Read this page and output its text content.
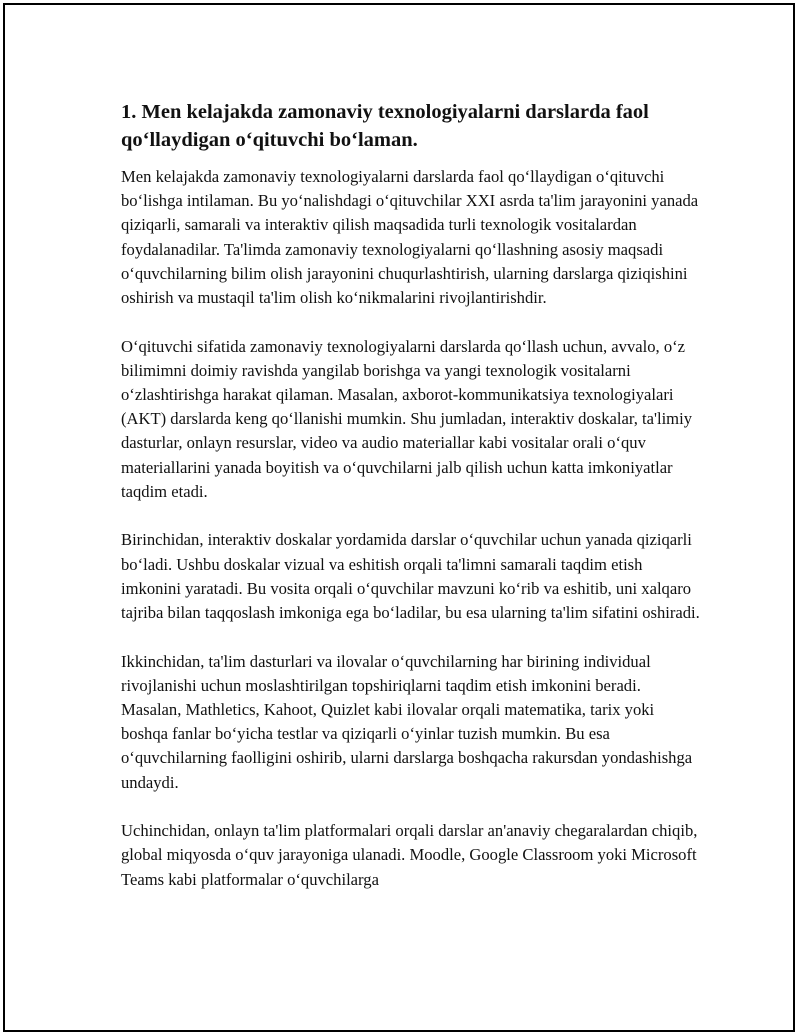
1. Men kelajakda zamonaviy texnologiyalarni darslarda faol qo‘llaydigan o‘qituvchi bo‘laman.

Men kelajakda zamonaviy texnologiyalarni darslarda faol qo‘llaydigan o‘qituvchi bo‘lishga intilaman. Bu yo‘nalishdagi o‘qituvchilar XXI asrda ta'lim jarayonini yanada qiziqarli, samarali va interaktiv qilish maqsadida turli texnologik vositalardan foydalanadilar. Ta'limda zamonaviy texnologiyalarni qo‘llashning asosiy maqsadi o‘quvchilarning bilim olish jarayonini chuqurlashtirish, ularning darslarga qiziqishini oshirish va mustaqil ta'lim olish ko‘nikmalarini rivojlantirishdir.

O‘qituvchi sifatida zamonaviy texnologiyalarni darslarda qo‘llash uchun, avvalo, o‘z bilimimni doimiy ravishda yangilab borishga va yangi texnologik vositalarni o‘zlashtirishga harakat qilaman. Masalan, axborot-kommunikatsiya texnologiyalari (AKT) darslarda keng qo‘llanishi mumkin. Shu jumladan, interaktiv doskalar, ta'limiy dasturlar, onlayn resurslar, video va audio materiallar kabi vositalar orali o‘quv materiallarini yanada boyitish va o‘quvchilarni jalb qilish uchun katta imkoniyatlar taqdim etadi.

Birinchidan, interaktiv doskalar yordamida darslar o‘quvchilar uchun yanada qiziqarli bo‘ladi. Ushbu doskalar vizual va eshitish orqali ta'limni samarali taqdim etish imkonini yaratadi. Bu vosita orqali o‘quvchilar mavzuni ko‘rib va eshitib, uni xalqaro tajriba bilan taqqoslash imkoniga ega bo‘ladilar, bu esa ularning ta'lim sifatini oshiradi.

Ikkinchidan, ta'lim dasturlari va ilovalar o‘quvchilarning har birining individual rivojlanishi uchun moslashtirilgan topshiriqlarni taqdim etish imkonini beradi. Masalan, Mathletics, Kahoot, Quizlet kabi ilovalar orqali matematika, tarix yoki boshqa fanlar bo‘yicha testlar va qiziqarli o‘yinlar tuzish mumkin. Bu esa o‘quvchilarning faolligini oshirib, ularni darslarga boshqacha rakursdan yondashishga undaydi.

Uchinchidan, onlayn ta'lim platformalari orqali darslar an'anaviy chegaralardan chiqib, global miqyosda o‘quv jarayoniga ulanadi. Moodle, Google Classroom yoki Microsoft Teams kabi platformalar o‘quvchilarga
